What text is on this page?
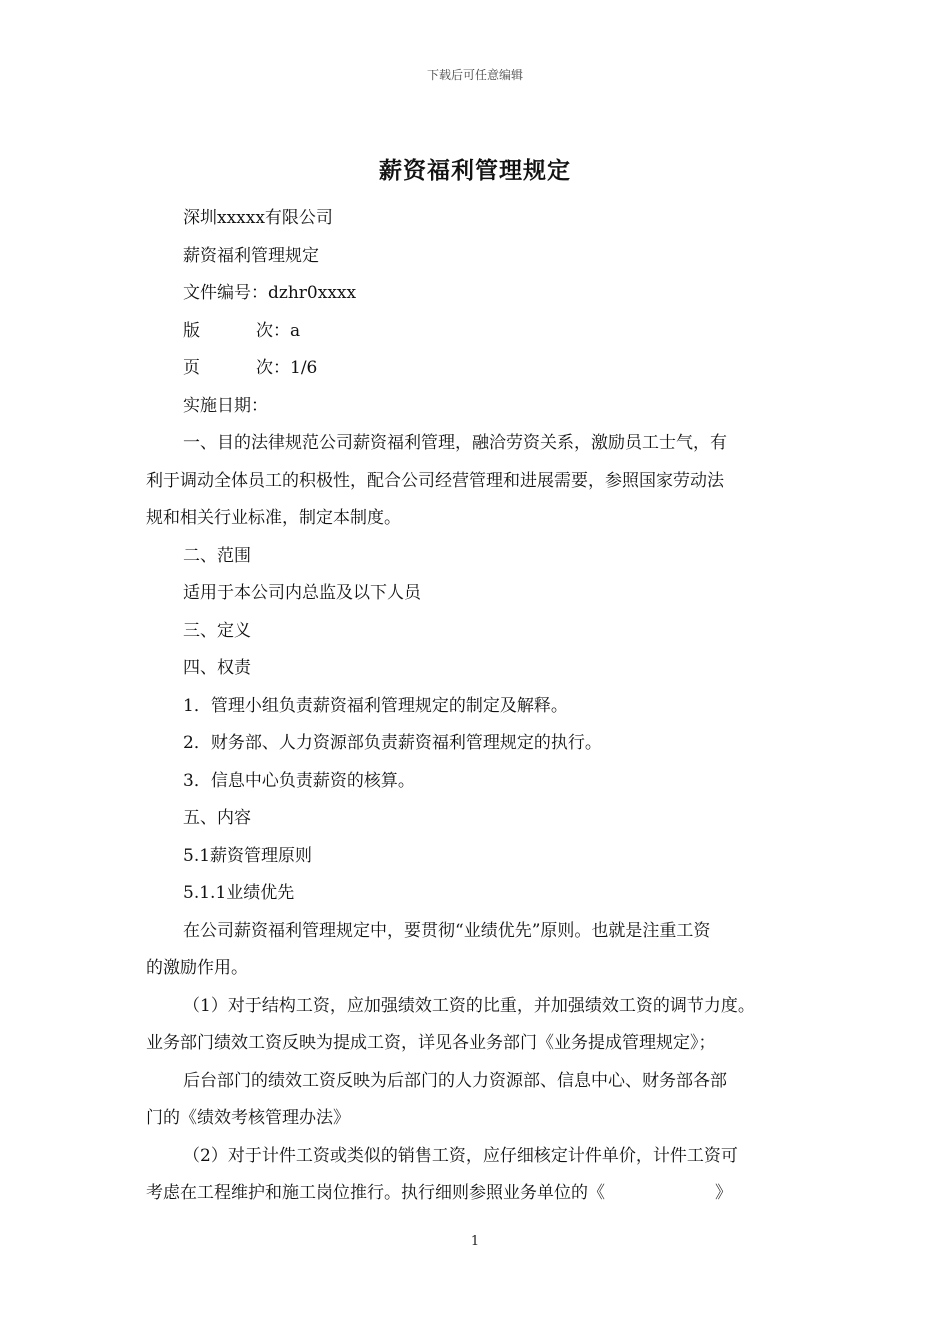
下载后可任意编辑
薪资福利管理规定
深圳xxxxx有限公司
薪资福利管理规定
文件编号：dzhr0xxxx
版	次：a
页	次：1/6
实施日期：
一、目的法律规范公司薪资福利管理，融洽劳资关系，激励员工士气，有
利于调动全体员工的积极性，配合公司经营管理和进展需要，参照国家劳动法
规和相关行业标准，制定本制度。
二、范围
适用于本公司内总监及以下人员
三、定义
四、权责
1．管理小组负责薪资福利管理规定的制定及解释。
2．财务部、人力资源部负责薪资福利管理规定的执行。
3．信息中心负责薪资的核算。
五、内容
5.1薪资管理原则
5.1.1业绩优先
在公司薪资福利管理规定中，要贯彻“业绩优先”原则。也就是注重工资
的激励作用。
（1）对于结构工资，应加强绩效工资的比重，并加强绩效工资的调节力度。
业务部门绩效工资反映为提成工资，详见各业务部门《业务提成管理规定》；
后台部门的绩效工资反映为后部门的人力资源部、信息中心、财务部各部
门的《绩效考核管理办法》
（2）对于计件工资或类似的销售工资，应仔细核定计件单价，计件工资可
考虑在工程维护和施工岗位推行。执行细则参照业务单位的《	》
1
